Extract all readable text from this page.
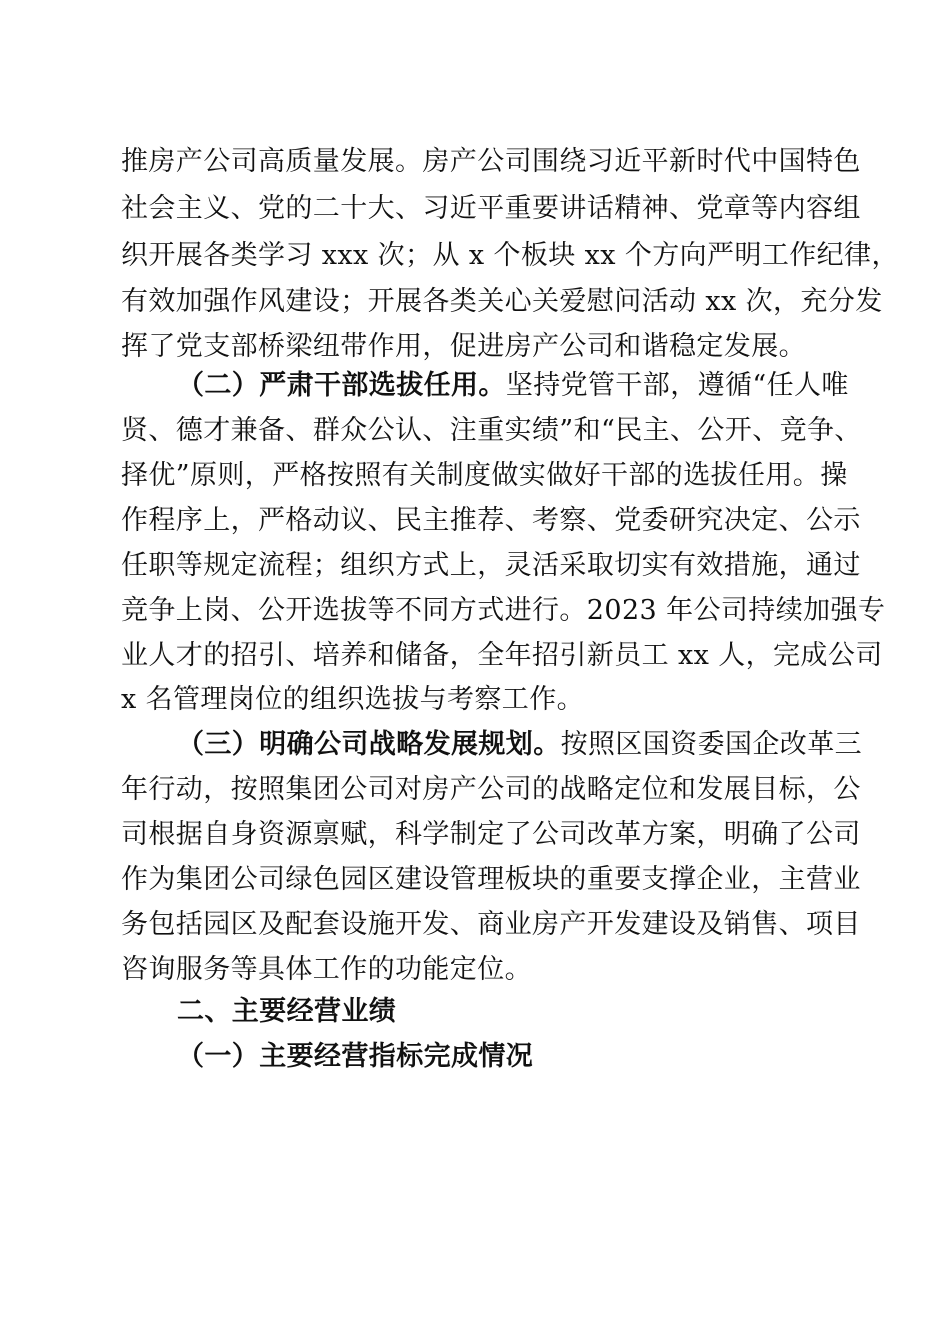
推房产公司高质量发展。房产公司围绕习近平新时代中国特色
社会主义、党的二十大、习近平重要讲话精神、党章等内容组
织开展各类学习 xxx 次；从 x 个板块 xx 个方向严明工作纪律，
有效加强作风建设；开展各类关心关爱慰问活动 xx 次，充分发
挥了党支部桥梁纽带作用，促进房产公司和谐稳定发展。
（二）严肃干部选拔任用。坚持党管干部，遵循“任人唯
贤、德才兼备、群众公认、注重实绩”和“民主、公开、竞争、
择优”原则，严格按照有关制度做实做好干部的选拔任用。操
作程序上，严格动议、民主推荐、考察、党委研究决定、公示
任职等规定流程；组织方式上，灵活采取切实有效措施，通过
竞争上岗、公开选拔等不同方式进行。2023 年公司持续加强专
业人才的招引、培养和储备，全年招引新员工 xx 人，完成公司
x 名管理岗位的组织选拔与考察工作。
（三）明确公司战略发展规划。按照区国资委国企改革三
年行动，按照集团公司对房产公司的战略定位和发展目标，公
司根据自身资源禀赋，科学制定了公司改革方案，明确了公司
作为集团公司绿色园区建设管理板块的重要支撑企业，主营业
务包括园区及配套设施开发、商业房产开发建设及销售、项目
咨询服务等具体工作的功能定位。
二、主要经营业绩
（一）主要经营指标完成情况
